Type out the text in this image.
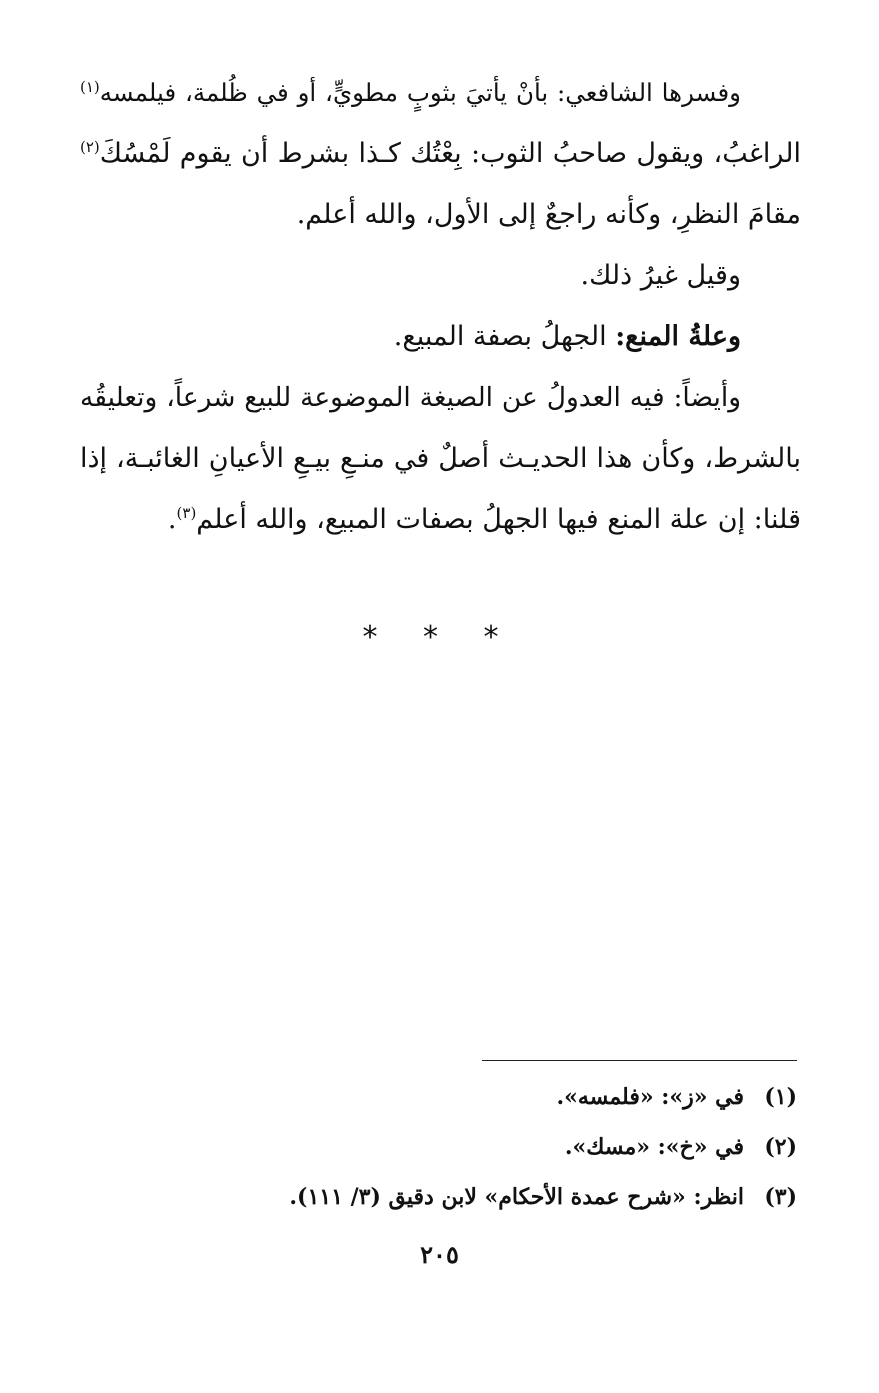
وفسرها الشافعي: بأنْ يأتيَ بثوبٍ مطويٍّ، أو في ظُلمة، فيلمسه$^{(١)}$
الراغبُ، ويقول صاحبُ الثوب: بِعْتُك كـذا بشرط أن يقوم لَمْسُكَ$^{(٢)}$
مقامَ النظرِ، وكأنه راجعٌ إلى الأول، والله أعلم.
وقيل غيرُ ذلك.
وعلةُ المنع: الجهلُ بصفة المبيع.
وأيضاً: فيه العدولُ عن الصيغة الموضوعة للبيع شرعاً، وتعليقُه
بالشرط، وكأن هذا الحديـث أصلٌ في منـعِ بيـعِ الأعيانِ الغائبـة، إذا
قلنا: إن علة المنع فيها الجهلُ بصفات المبيع، والله أعلم$^{(٣)}$.
* * *
(١) في «ز»: «فلمسه».
(٢) في «خ»: «مسك».
(٣) انظر: «شرح عمدة الأحكام» لابن دقيق (٣/ ١١١).
٢٠٥
